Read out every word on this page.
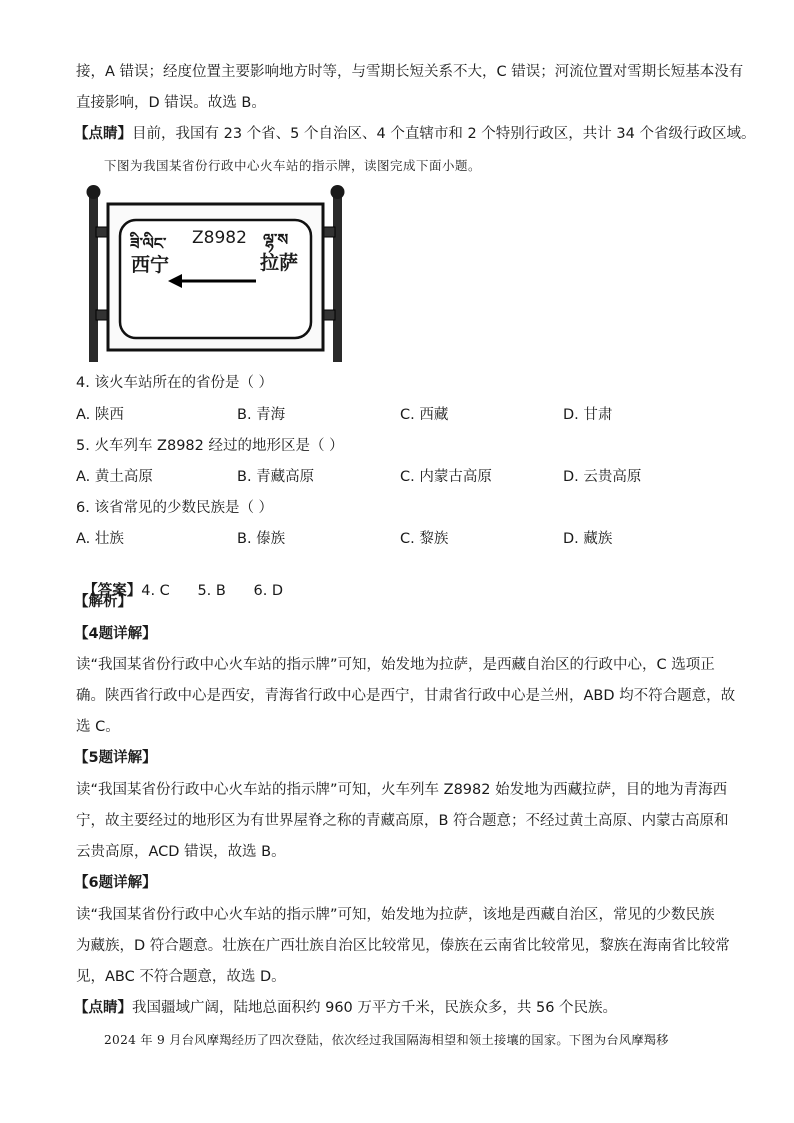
接，A 错误；经度位置主要影响地方时等，与雪期长短关系不大，C 错误；河流位置对雪期长短基本没有
直接影响，D 错误。故选 B。
【点睛】目前，我国有 23 个省、5 个自治区、4 个直辖市和 2 个特别行政区，共计 34 个省级行政区域。
下图为我国某省份行政中心火车站的指示牌，读图完成下面小题。
ཟི་ལིང་
西宁
Z8982 ལྷ་ས
拉萨
4. 该火车站所在的省份是（ ）
A. 陕西	B. 青海	C. 西藏	D. 甘肃
5. 火车列车 Z8982 经过的地形区是（ ）
A. 黄土高原	B. 青藏高原	C. 内蒙古高原	D. 云贵高原
6. 该省常见的少数民族是（ ）
A. 壮族	B. 傣族	C. 黎族	D. 藏族

【答案】4. C      5. B      6. D

【解析】
【4题详解】
读“我国某省份行政中心火车站的指示牌”可知，始发地为拉萨，是西藏自治区的行政中心，C 选项正
确。陕西省行政中心是西安，青海省行政中心是西宁，甘肃省行政中心是兰州，ABD 均不符合题意，故
选 C。
【5题详解】
读“我国某省份行政中心火车站的指示牌”可知，火车列车 Z8982 始发地为西藏拉萨，目的地为青海西
宁，故主要经过的地形区为有世界屋脊之称的青藏高原，B 符合题意；不经过黄土高原、内蒙古高原和
云贵高原，ACD 错误，故选 B。
【6题详解】
读“我国某省份行政中心火车站的指示牌”可知，始发地为拉萨，该地是西藏自治区，常见的少数民族
为藏族，D 符合题意。壮族在广西壮族自治区比较常见，傣族在云南省比较常见，黎族在海南省比较常
见，ABC 不符合题意，故选 D。
【点睛】我国疆域广阔，陆地总面积约 960 万平方千米，民族众多，共 56 个民族。
2024 年 9 月台风摩羯经历了四次登陆，依次经过我国隔海相望和领土接壤的国家。下图为台风摩羯移
